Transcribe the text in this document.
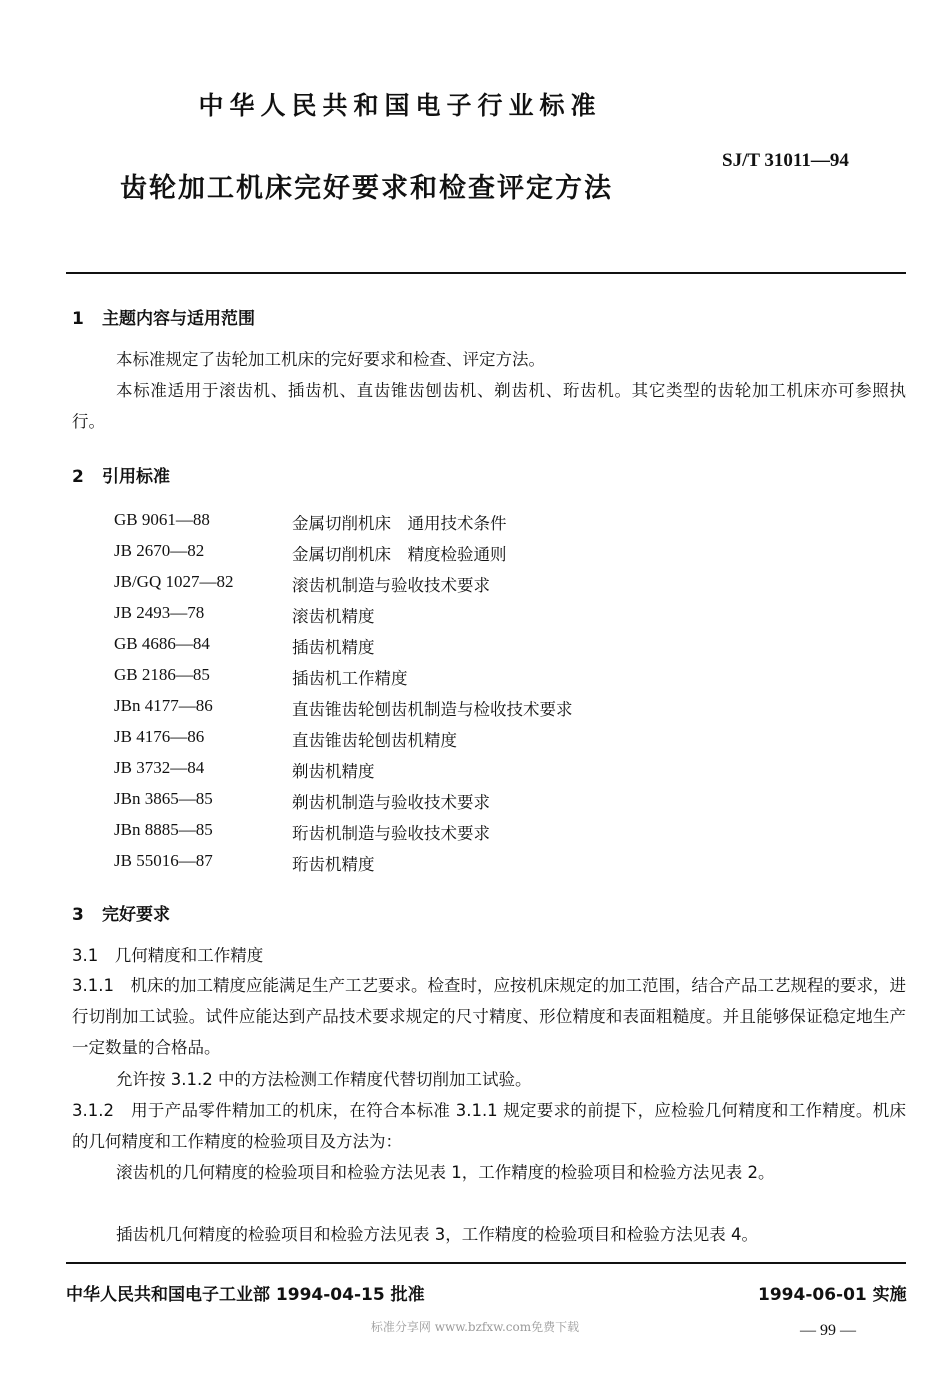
中华人民共和国电子行业标准
SJ/T 31011—94
齿轮加工机床完好要求和检查评定方法
1 主题内容与适用范围
本标准规定了齿轮加工机床的完好要求和检查、评定方法。
本标准适用于滚齿机、插齿机、直齿锥齿刨齿机、剃齿机、珩齿机。其它类型的齿轮加工机床亦可参照执行。
2 引用标准
GB 9061—88	金属切削机床　通用技术条件
JB 2670—82	金属切削机床　精度检验通则
JB/GQ 1027—82	滚齿机制造与验收技术要求
JB 2493—78	滚齿机精度
GB 4686—84	插齿机精度
GB 2186—85	插齿机工作精度
JBn 4177—86	直齿锥齿轮刨齿机制造与检收技术要求
JB 4176—86	直齿锥齿轮刨齿机精度
JB 3732—84	剃齿机精度
JBn 3865—85	剃齿机制造与验收技术要求
JBn 8885—85	珩齿机制造与验收技术要求
JB 55016—87	珩齿机精度
3 完好要求
3.1　几何精度和工作精度
3.1.1　机床的加工精度应能满足生产工艺要求。检查时，应按机床规定的加工范围，结合产品工艺规程的要求，进行切削加工试验。试件应能达到产品技术要求规定的尺寸精度、形位精度和表面粗糙度。并且能够保证稳定地生产一定数量的合格品。
允许按 3.1.2 中的方法检测工作精度代替切削加工试验。
3.1.2　用于产品零件精加工的机床，在符合本标准 3.1.1 规定要求的前提下，应检验几何精度和工作精度。机床的几何精度和工作精度的检验项目及方法为：
滚齿机的几何精度的检验项目和检验方法见表 1，工作精度的检验项目和检验方法见表 2。
插齿机几何精度的检验项目和检验方法见表 3，工作精度的检验项目和检验方法见表 4。
中华人民共和国电子工业部 1994-04-15 批准	1994-06-01 实施
标准分享网 www.bzfxw.com免费下载	— 99 —
